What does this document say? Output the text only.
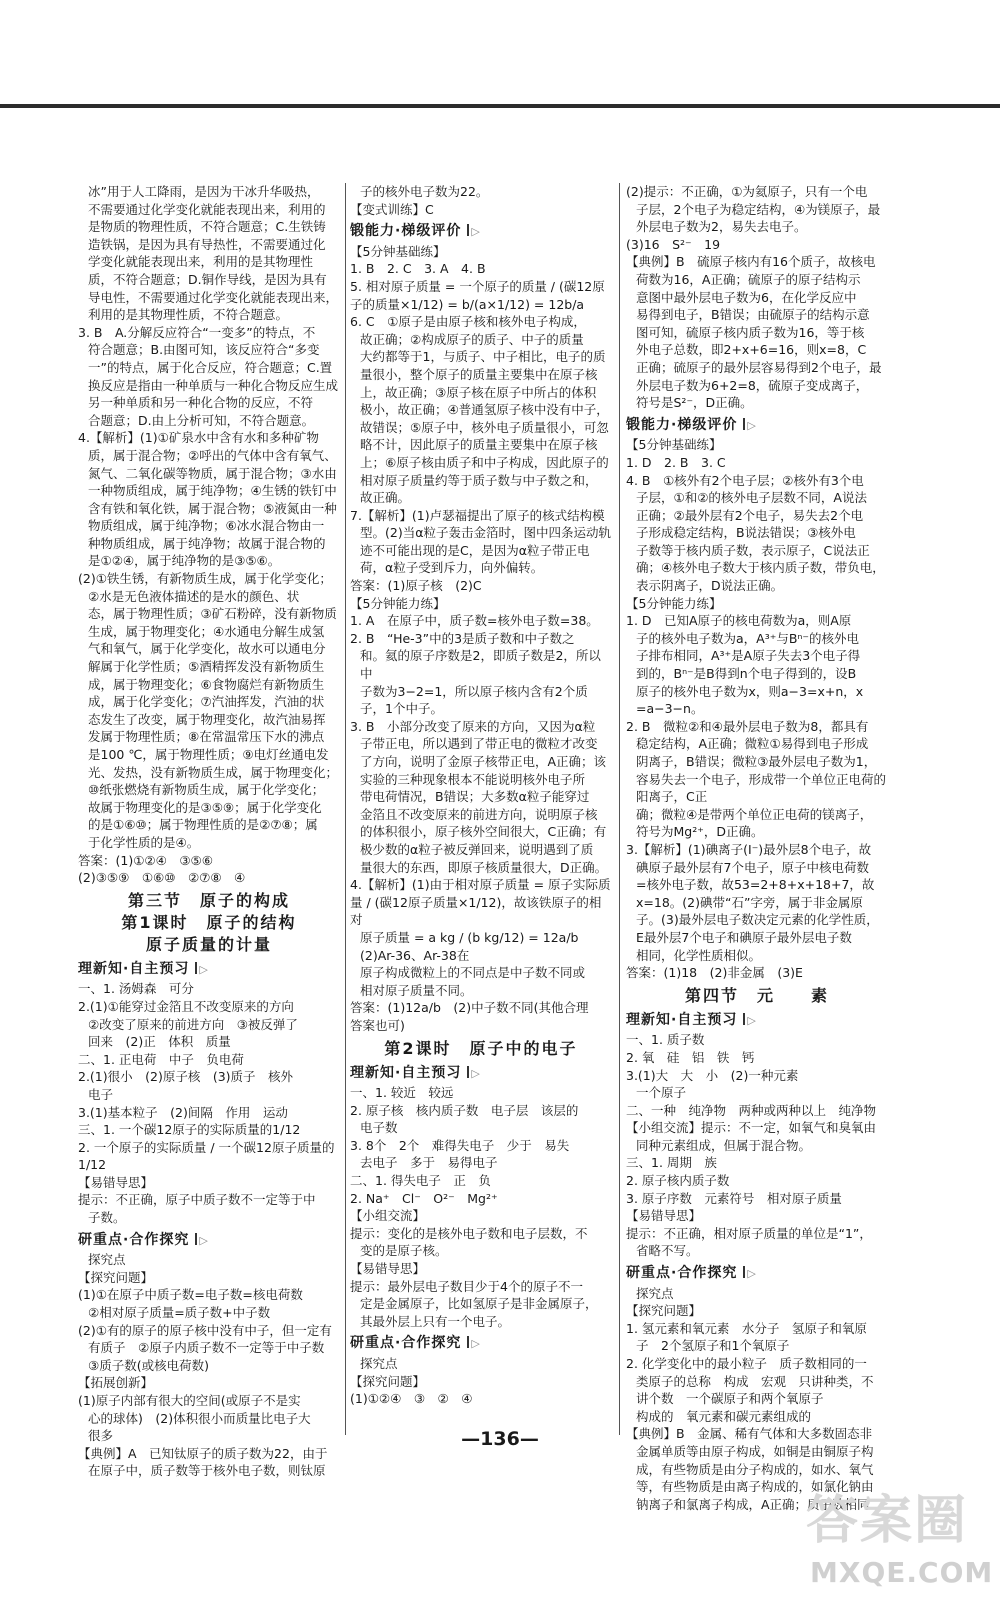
冰”用于人工降雨，是因为干冰升华吸热，

不需要通过化学变化就能表现出来，利用的

是物质的物理性质，不符合题意；C.生铁铸

造铁锅，是因为具有导热性，不需要通过化

学变化就能表现出来，利用的是其物理性

质，不符合题意；D.铜作导线，是因为具有

导电性，不需要通过化学变化就能表现出来，

利用的是其物理性质，不符合题意。

3. B　A.分解反应符合“一变多”的特点，不

符合题意；B.由图可知，该反应符合“多变

一”的特点，属于化合反应，符合题意；C.置

换反应是指由一种单质与一种化合物反应生成

另一种单质和另一种化合物的反应，不符

合题意；D.由上分析可知，不符合题意。

4.【解析】(1)①矿泉水中含有水和多种矿物

质，属于混合物；②呼出的气体中含有氧气、

氮气、二氧化碳等物质，属于混合物；③水由

一种物质组成，属于纯净物；④生锈的铁钉中

含有铁和氧化铁，属于混合物；⑤液氮由一种

物质组成，属于纯净物；⑥冰水混合物由一

种物质组成，属于纯净物；故属于混合物的

是①②④，属于纯净物的是③⑤⑥。

(2)①铁生锈，有新物质生成，属于化学变化；

②水是无色液体描述的是水的颜色、状

态，属于物理性质；③矿石粉碎，没有新物质

生成，属于物理变化；④水通电分解生成氢

气和氧气，属于化学变化，故水可以通电分

解属于化学性质；⑤酒精挥发没有新物质生

成，属于物理变化；⑥食物腐烂有新物质生

成，属于化学变化；⑦汽油挥发，汽油的状

态发生了改变，属于物理变化，故汽油易挥

发属于物理性质；⑧在常温常压下水的沸点

是100 ℃，属于物理性质；⑨电灯丝通电发

光、发热，没有新物质生成，属于物理变化；

⑩纸张燃烧有新物质生成，属于化学变化；

故属于物理变化的是③⑤⑨；属于化学变化

的是①⑥⑩；属于物理性质的是②⑦⑧；属

于化学性质的是④。

答案：(1)①②④　③⑤⑥

(2)③⑤⑨　①⑥⑩　②⑦⑧　④

第三节　原子的构成
第1课时　原子的结构
原子质量的计量

理新知·自主预习 ▷

一、1. 汤姆森　可分

2.(1)①能穿过金箔且不改变原来的方向

②改变了原来的前进方向　③被反弹了

回来　(2)正　体积　质量

二、1. 正电荷　中子　负电荷

2.(1)很小　(2)原子核　(3)质子　核外

电子

3.(1)基本粒子　(2)间隔　作用　运动

三、1. 一个碳12原子的实际质量的1/12

2. 一个原子的实际质量 / 一个碳12原子质量的1/12

【易错导思】

提示：不正确，原子中质子数不一定等于中

子数。

研重点·合作探究 ▷

探究点

【探究问题】

(1)①在原子中质子数=电子数=核电荷数

②相对原子质量=质子数+中子数

(2)①有的原子的原子核中没有中子，但一定有

有质子　②原子内质子数不一定等于中子数

③质子数(或核电荷数)

【拓展创新】

(1)原子内部有很大的空间(或原子不是实

心的球体)　(2)体积很小而质量比电子大

很多

【典例】A　已知钛原子的质子数为22，由于

在原子中，质子数等于核外电子数，则钛原

子的核外电子数为22。

【变式训练】C

锻能力·梯级评价 ▷

【5分钟基础练】

1. B　2. C　3. A　4. B

5. 相对原子质量 = 一个原子的质量 / (碳12原子的质量×1/12) = b/(a×1/12) = 12b/a

6. C　①原子是由原子核和核外电子构成，

故正确；②构成原子的质子、中子的质量

大约都等于1，与质子、中子相比，电子的质

量很小，整个原子的质量主要集中在原子核

上，故正确；③原子核在原子中所占的体积

极小，故正确；④普通氢原子核中没有中子，

故错误；⑤原子中，核外电子质量很小，可忽

略不计，因此原子的质量主要集中在原子核

上；⑥原子核由质子和中子构成，因此原子的

相对原子质量约等于质子数与中子数之和，

故正确。

7.【解析】(1)卢瑟福提出了原子的核式结构模

型。(2)当α粒子轰击金箔时，图中四条运动轨

迹不可能出现的是C，是因为α粒子带正电

荷，α粒子受到斥力，向外偏转。

答案：(1)原子核　(2)C

【5分钟能力练】

1. A　在原子中，质子数=核外电子数=38。

2. B　“He-3”中的3是质子数和中子数之

和。氦的原子序数是2，即质子数是2，所以中

子数为3−2=1，所以原子核内含有2个质

子，1个中子。

3. B　小部分改变了原来的方向，又因为α粒

子带正电，所以遇到了带正电的微粒才改变

了方向，说明了金原子核带正电，A正确；该

实验的三种现象根本不能说明核外电子所

带电荷情况，B错误；大多数α粒子能穿过

金箔且不改变原来的前进方向，说明原子核

的体积很小，原子核外空间很大，C正确；有

极少数的α粒子被反弹回来，说明遇到了质

量很大的东西，即原子核质量很大，D正确。

4.【解析】(1)由于相对原子质量 = 原子实际质量 / (碳12原子质量×1/12)，故该铁原子的相对

原子质量 = a kg / (b kg/12) = 12a/b　(2)Ar-36、Ar-38在

原子构成微粒上的不同点是中子数不同或

相对原子质量不同。

答案：(1)12a/b　(2)中子数不同(其他合理

答案也可)

第2课时　原子中的电子

理新知·自主预习 ▷

一、1. 较近　较远

2. 原子核　核内质子数　电子层　该层的

电子数

3. 8个　2个　难得失电子　少于　易失

去电子　多于　易得电子

二、1. 得失电子　正　负

2. Na⁺　Cl⁻　O²⁻　Mg²⁺

【小组交流】

提示：变化的是核外电子数和电子层数，不

变的是原子核。

【易错导思】

提示：最外层电子数目少于4个的原子不一

定是金属原子，比如氢原子是非金属原子，

其最外层上只有一个电子。

研重点·合作探究 ▷

探究点

【探究问题】

(1)①②④　③　②　④

(2)提示：不正确，①为氦原子，只有一个电

子层，2个电子为稳定结构，④为镁原子，最

外层电子数为2，易失去电子。

(3)16　S²⁻　19

【典例】B　硫原子核内有16个质子，故核电

荷数为16，A正确；硫原子的原子结构示

意图中最外层电子数为6，在化学反应中

易得到电子，B错误；由硫原子的结构示意

图可知，硫原子核内质子数为16，等于核

外电子总数，即2+x+6=16，则x=8，C

正确；硫原子的最外层容易得到2个电子，最

外层电子数为6+2=8，硫原子变成离子，

符号是S²⁻，D正确。

锻能力·梯级评价 ▷

【5分钟基础练】

1. D　2. B　3. C

4. B　①核外有2个电子层；②核外有3个电

子层，①和②的核外电子层数不同，A说法

正确；②最外层有2个电子，易失去2个电

子形成稳定结构，B说法错误；③核外电

子数等于核内质子数，表示原子，C说法正

确；④核外电子数大于核内质子数，带负电，

表示阴离子，D说法正确。

【5分钟能力练】

1. D　已知A原子的核电荷数为a，则A原

子的核外电子数为a，A³⁺与Bⁿ⁻的核外电

子排布相同，A³⁺是A原子失去3个电子得

到的，Bⁿ⁻是B得到n个电子得到的，设B

原子的核外电子数为x，则a−3=x+n，x

=a−3−n。

2. B　微粒②和④最外层电子数为8，都具有

稳定结构，A正确；微粒①易得到电子形成

阴离子，B错误；微粒③最外层电子数为1，

容易失去一个电子，形成带一个单位正电荷的阳离子，C正

确；微粒④是带两个单位正电荷的镁离子，

符号为Mg²⁺，D正确。

3.【解析】(1)碘离子(I⁻)最外层8个电子，故

碘原子最外层有7个电子，原子中核电荷数

=核外电子数，故53=2+8+x+18+7，故

x=18。(2)碘带“石”字旁，属于非金属原

子。(3)最外层电子数决定元素的化学性质，

E最外层7个电子和碘原子最外层电子数

相同，化学性质相似。

答案：(1)18　(2)非金属　(3)E

第四节　元　　素

理新知·自主预习 ▷

一、1. 质子数

2. 氧　硅　铝　铁　钙

3.(1)大　大　小　(2)一种元素

一个原子

二、一种　纯净物　两种或两种以上　纯净物

【小组交流】提示：不一定，如氧气和臭氧由

同种元素组成，但属于混合物。

三、1. 周期　族

2. 原子核内质子数

3. 原子序数　元素符号　相对原子质量

【易错导思】

提示：不正确，相对原子质量的单位是“1”，

省略不写。

研重点·合作探究 ▷

探究点

【探究问题】

1. 氢元素和氧元素　水分子　氢原子和氧原

子　2个氢原子和1个氧原子

2. 化学变化中的最小粒子　质子数相同的一

类原子的总称　构成　宏观　只讲种类，不

讲个数　一个碳原子和两个氧原子

构成的　氧元素和碳元素组成的

【典例】B　金属、稀有气体和大多数固态非

金属单质等由原子构成，如铜是由铜原子构

成，有些物质是由分子构成的，如水、氧气

等，有些物质是由离子构成的，如氯化钠由

钠离子和氯离子构成，A正确；质子数相同

—136—
答案圈
MXQE.COM
